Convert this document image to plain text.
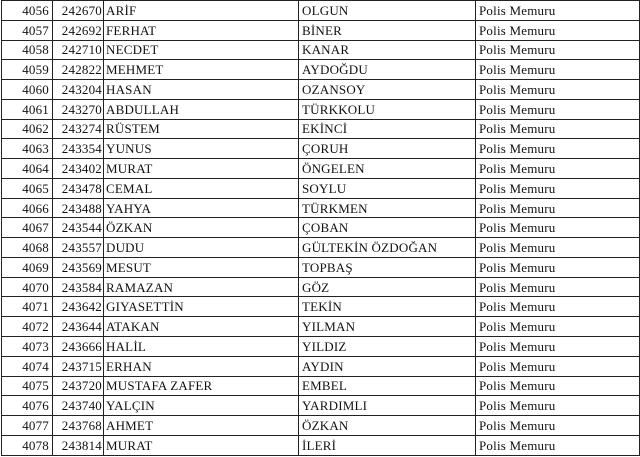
4056	242670	ARİF	OLGUN	Polis Memuru
4057	242692	FERHAT	BİNER	Polis Memuru
4058	242710	NECDET	KANAR	Polis Memuru
4059	242822	MEHMET	AYDOĞDU	Polis Memuru
4060	243204	HASAN	OZANSOY	Polis Memuru
4061	243270	ABDULLAH	TÜRKKOLU	Polis Memuru
4062	243274	RÜSTEM	EKİNCİ	Polis Memuru
4063	243354	YUNUS	ÇORUH	Polis Memuru
4064	243402	MURAT	ÖNGELEN	Polis Memuru
4065	243478	CEMAL	SOYLU	Polis Memuru
4066	243488	YAHYA	TÜRKMEN	Polis Memuru
4067	243544	ÖZKAN	ÇOBAN	Polis Memuru
4068	243557	DUDU	GÜLTEKİN ÖZDOĞAN	Polis Memuru
4069	243569	MESUT	TOPBAŞ	Polis Memuru
4070	243584	RAMAZAN	GÖZ	Polis Memuru
4071	243642	GIYASETTİN	TEKİN	Polis Memuru
4072	243644	ATAKAN	YILMAN	Polis Memuru
4073	243666	HALİL	YILDIZ	Polis Memuru
4074	243715	ERHAN	AYDIN	Polis Memuru
4075	243720	MUSTAFA ZAFER	EMBEL	Polis Memuru
4076	243740	YALÇIN	YARDIMLI	Polis Memuru
4077	243768	AHMET	ÖZKAN	Polis Memuru
4078	243814	MURAT	İLERİ	Polis Memuru
